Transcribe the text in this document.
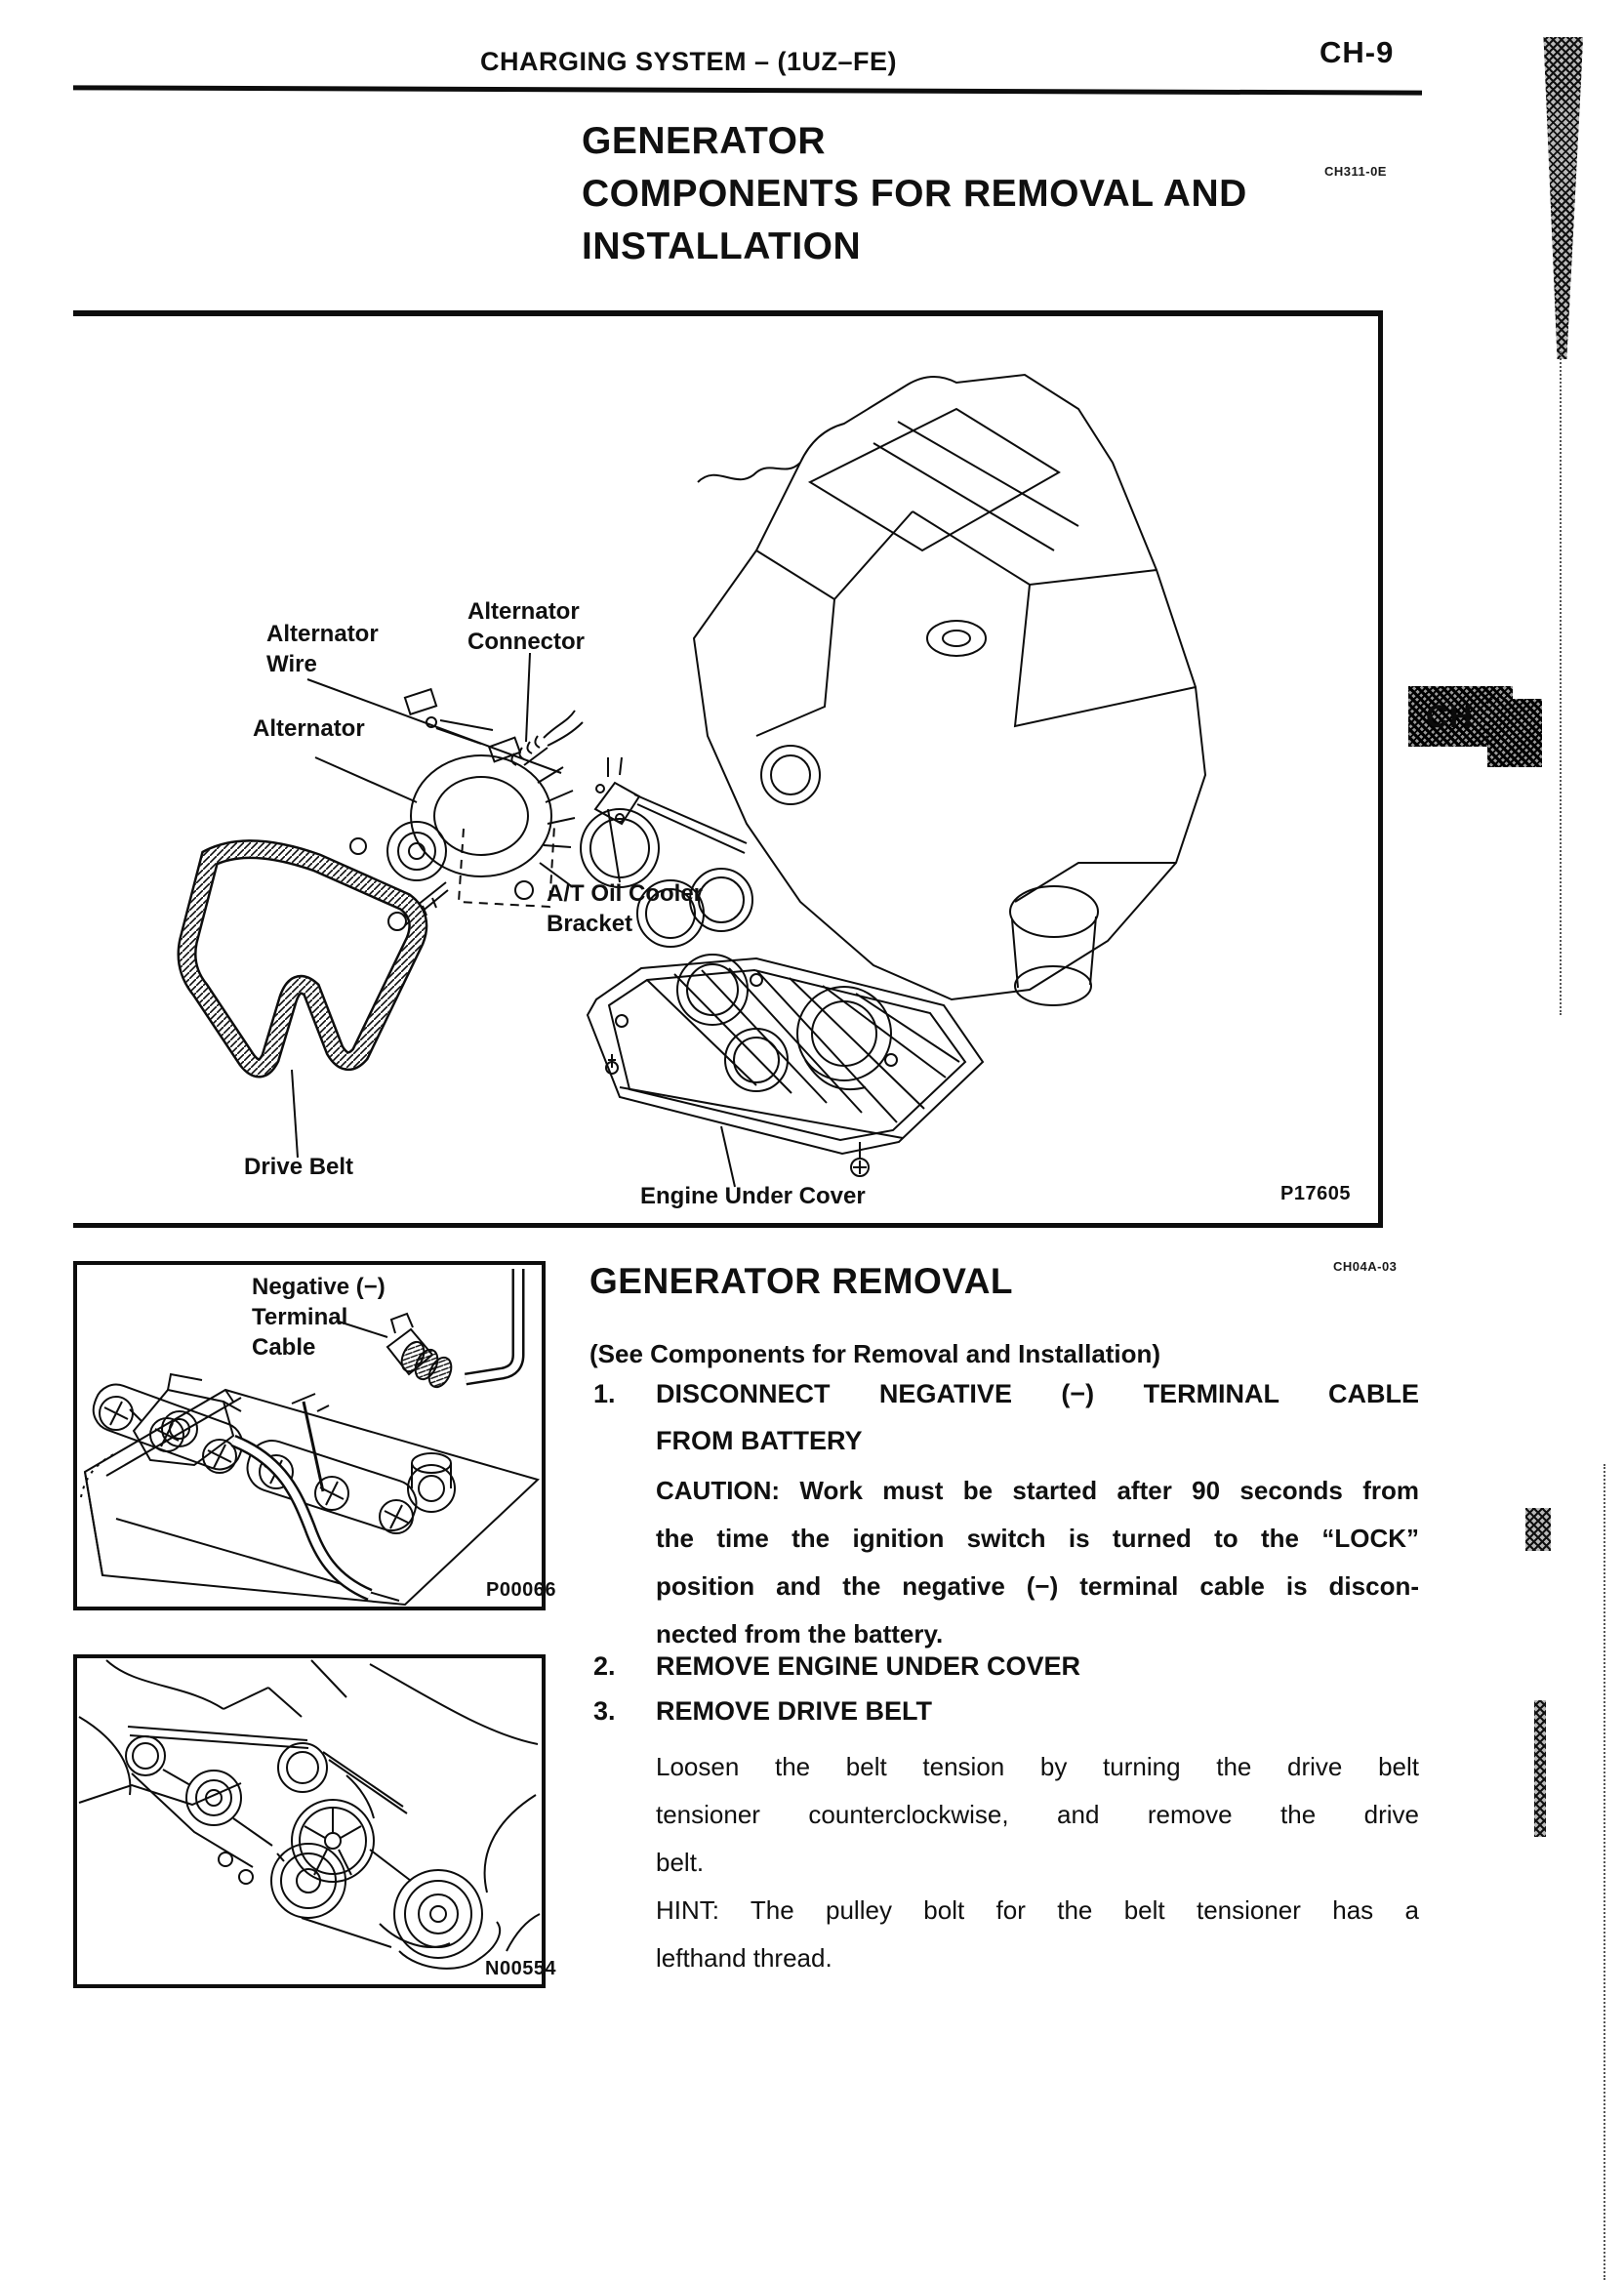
CHARGING SYSTEM – (1UZ–FE)	CH-9
GENERATOR
COMPONENTS FOR REMOVAL AND
INSTALLATION
CH311-0E
Alternator
Wire
Alternator
Connector
Alternator
A/T Oil Cooler
Bracket
Drive Belt
Engine Under Cover	P17605
CH
Negative (−)
Terminal
Cable
P00066
N00554
GENERATOR REMOVAL	CH04A-03
(See Components for Removal and Installation)
1. DISCONNECT NEGATIVE (−) TERMINAL CABLE
FROM BATTERY
CAUTION: Work must be started after 90 seconds from
the time the ignition switch is turned to the “LOCK”
position and the negative (−) terminal cable is discon-
nected from the battery.
2. REMOVE ENGINE UNDER COVER
3. REMOVE DRIVE BELT
Loosen the belt tension by turning the drive belt
tensioner counterclockwise, and remove the drive
belt.
HINT: The pulley bolt for the belt tensioner has a
lefthand thread.
